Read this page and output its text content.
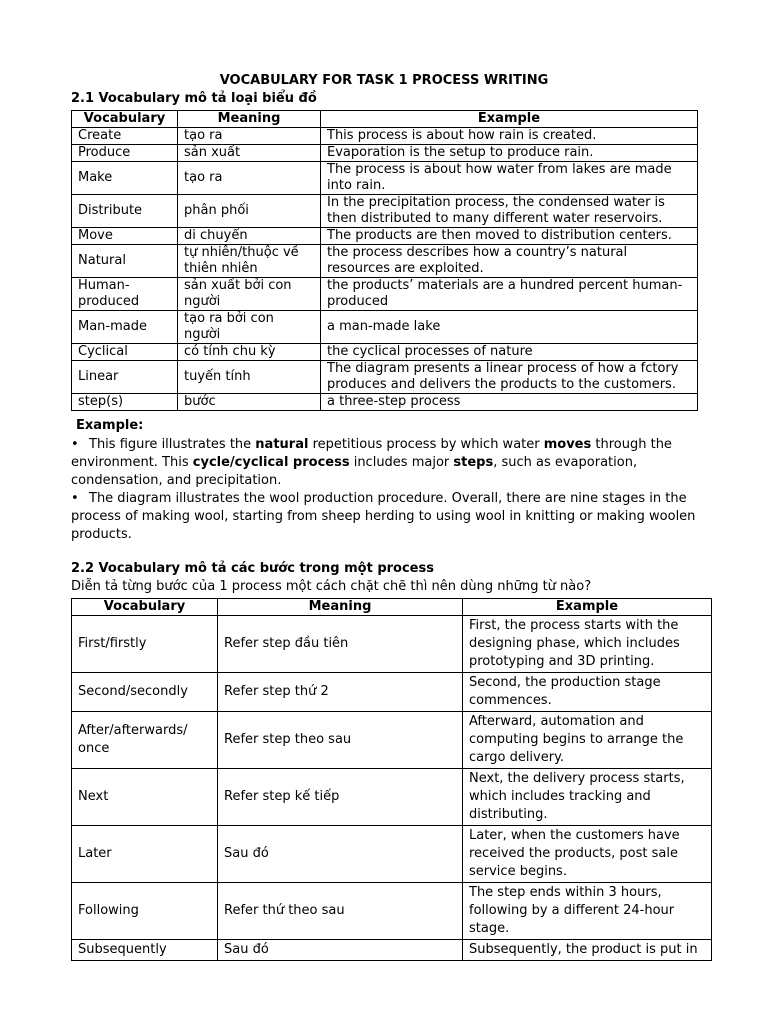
VOCABULARY FOR TASK 1 PROCESS WRITING
2.1 Vocabulary mô tả loại biểu đồ
Vocabulary	Meaning	Example
Create	tạo ra	This process is about how rain is created.
Produce	sản xuất	Evaporation is the setup to produce rain.
Make	tạo ra	The process is about how water from lakes are made into rain.
Distribute	phân phối	In the precipitation process, the condensed water is then distributed to many different water reservoirs.
Move	di chuyển	The products are then moved to distribution centers.
Natural	tự nhiên/thuộc về thiên nhiên	the process describes how a country’s natural resources are exploited.
Human-produced	sản xuất bởi con người	the products’ materials are a hundred percent human-produced
Man-made	tạo ra bởi con người	a man-made lake
Cyclical	có tính chu kỳ	the cyclical processes of nature
Linear	tuyến tính	The diagram presents a linear process of how a fctory produces and delivers the products to the customers.
step(s)	bước	a three-step process
Example:
• This figure illustrates the natural repetitious process by which water moves through the environment. This cycle/cyclical process includes major steps, such as evaporation, condensation, and precipitation.
• The diagram illustrates the wool production procedure. Overall, there are nine stages in the process of making wool, starting from sheep herding to using wool in knitting or making woolen products.
2.2 Vocabulary mô tả các bước trong một process
Diễn tả từng bước của 1 process một cách chặt chẽ thì nên dùng những từ nào?
Vocabulary	Meaning	Example
First/firstly	Refer step đầu tiên	First, the process starts with the designing phase, which includes prototyping and 3D printing.
Second/secondly	Refer step thứ 2	Second, the production stage commences.
After/afterwards/ once	Refer step theo sau	Afterward, automation and computing begins to arrange the cargo delivery.
Next	Refer step kế tiếp	Next, the delivery process starts, which includes tracking and distributing.
Later	Sau đó	Later, when the customers have received the products, post sale service begins.
Following	Refer thứ theo sau	The step ends within 3 hours, following by a different 24-hour stage.
Subsequently	Sau đó	Subsequently, the product is put in
